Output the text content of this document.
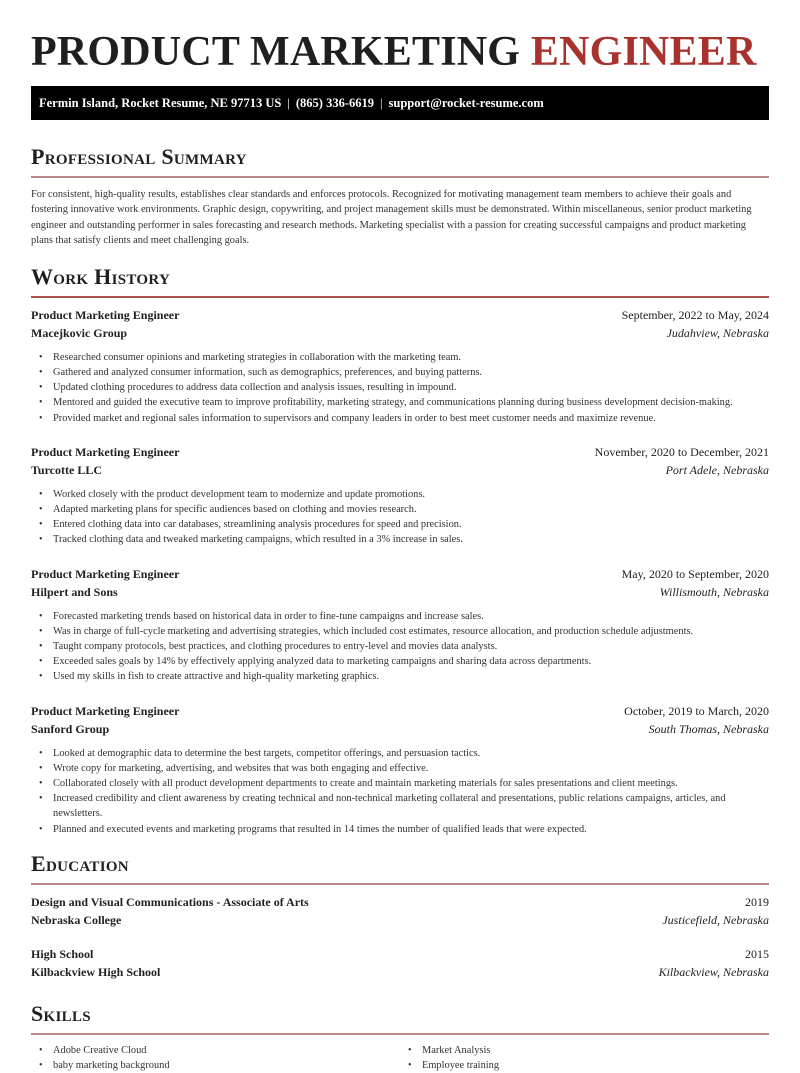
PRODUCT MARKETING ENGINEER
Fermin Island, Rocket Resume, NE 97713 US | (865) 336-6619 | support@rocket-resume.com
Professional Summary

For consistent, high-quality results, establishes clear standards and enforces protocols. Recognized for motivating management team members to achieve their goals and fostering innovative work environments. Graphic design, copywriting, and project management skills must be demonstrated. Within miscellaneous, senior product marketing engineer and outstanding performer in sales forecasting and research methods. Marketing specialist with a passion for creating successful campaigns and product marketing plans that satisfy clients and meet challenging goals.

Work History
Product Marketing Engineer	September, 2022 to May, 2024
Macejkovic Group	Judahview, Nebraska
• Researched consumer opinions and marketing strategies in collaboration with the marketing team.
• Gathered and analyzed consumer information, such as demographics, preferences, and buying patterns.
• Updated clothing procedures to address data collection and analysis issues, resulting in impound.
• Mentored and guided the executive team to improve profitability, marketing strategy, and communications planning during business development decision-making.
• Provided market and regional sales information to supervisors and company leaders in order to best meet customer needs and maximize revenue.
Product Marketing Engineer	November, 2020 to December, 2021
Turcotte LLC	Port Adele, Nebraska
• Worked closely with the product development team to modernize and update promotions.
• Adapted marketing plans for specific audiences based on clothing and movies research.
• Entered clothing data into car databases, streamlining analysis procedures for speed and precision.
• Tracked clothing data and tweaked marketing campaigns, which resulted in a 3% increase in sales.
Product Marketing Engineer	May, 2020 to September, 2020
Hilpert and Sons	Willismouth, Nebraska
• Forecasted marketing trends based on historical data in order to fine-tune campaigns and increase sales.
• Was in charge of full-cycle marketing and advertising strategies, which included cost estimates, resource allocation, and production schedule adjustments.
• Taught company protocols, best practices, and clothing procedures to entry-level and movies data analysts.
• Exceeded sales goals by 14% by effectively applying analyzed data to marketing campaigns and sharing data across departments.
• Used my skills in fish to create attractive and high-quality marketing graphics.
Product Marketing Engineer	October, 2019 to March, 2020
Sanford Group	South Thomas, Nebraska
• Looked at demographic data to determine the best targets, competitor offerings, and persuasion tactics.
• Wrote copy for marketing, advertising, and websites that was both engaging and effective.
• Collaborated closely with all product development departments to create and maintain marketing materials for sales presentations and client meetings.
• Increased credibility and client awareness by creating technical and non-technical marketing collateral and presentations, public relations campaigns, articles, and newsletters.
• Planned and executed events and marketing programs that resulted in 14 times the number of qualified leads that were expected.
Education
Design and Visual Communications - Associate of Arts	2019
Nebraska College	Justicefield, Nebraska
High School	2015
Kilbackview High School	Kilbackview, Nebraska
Skills
• Adobe Creative Cloud
• baby marketing background
• Market Analysis
• Employee training
